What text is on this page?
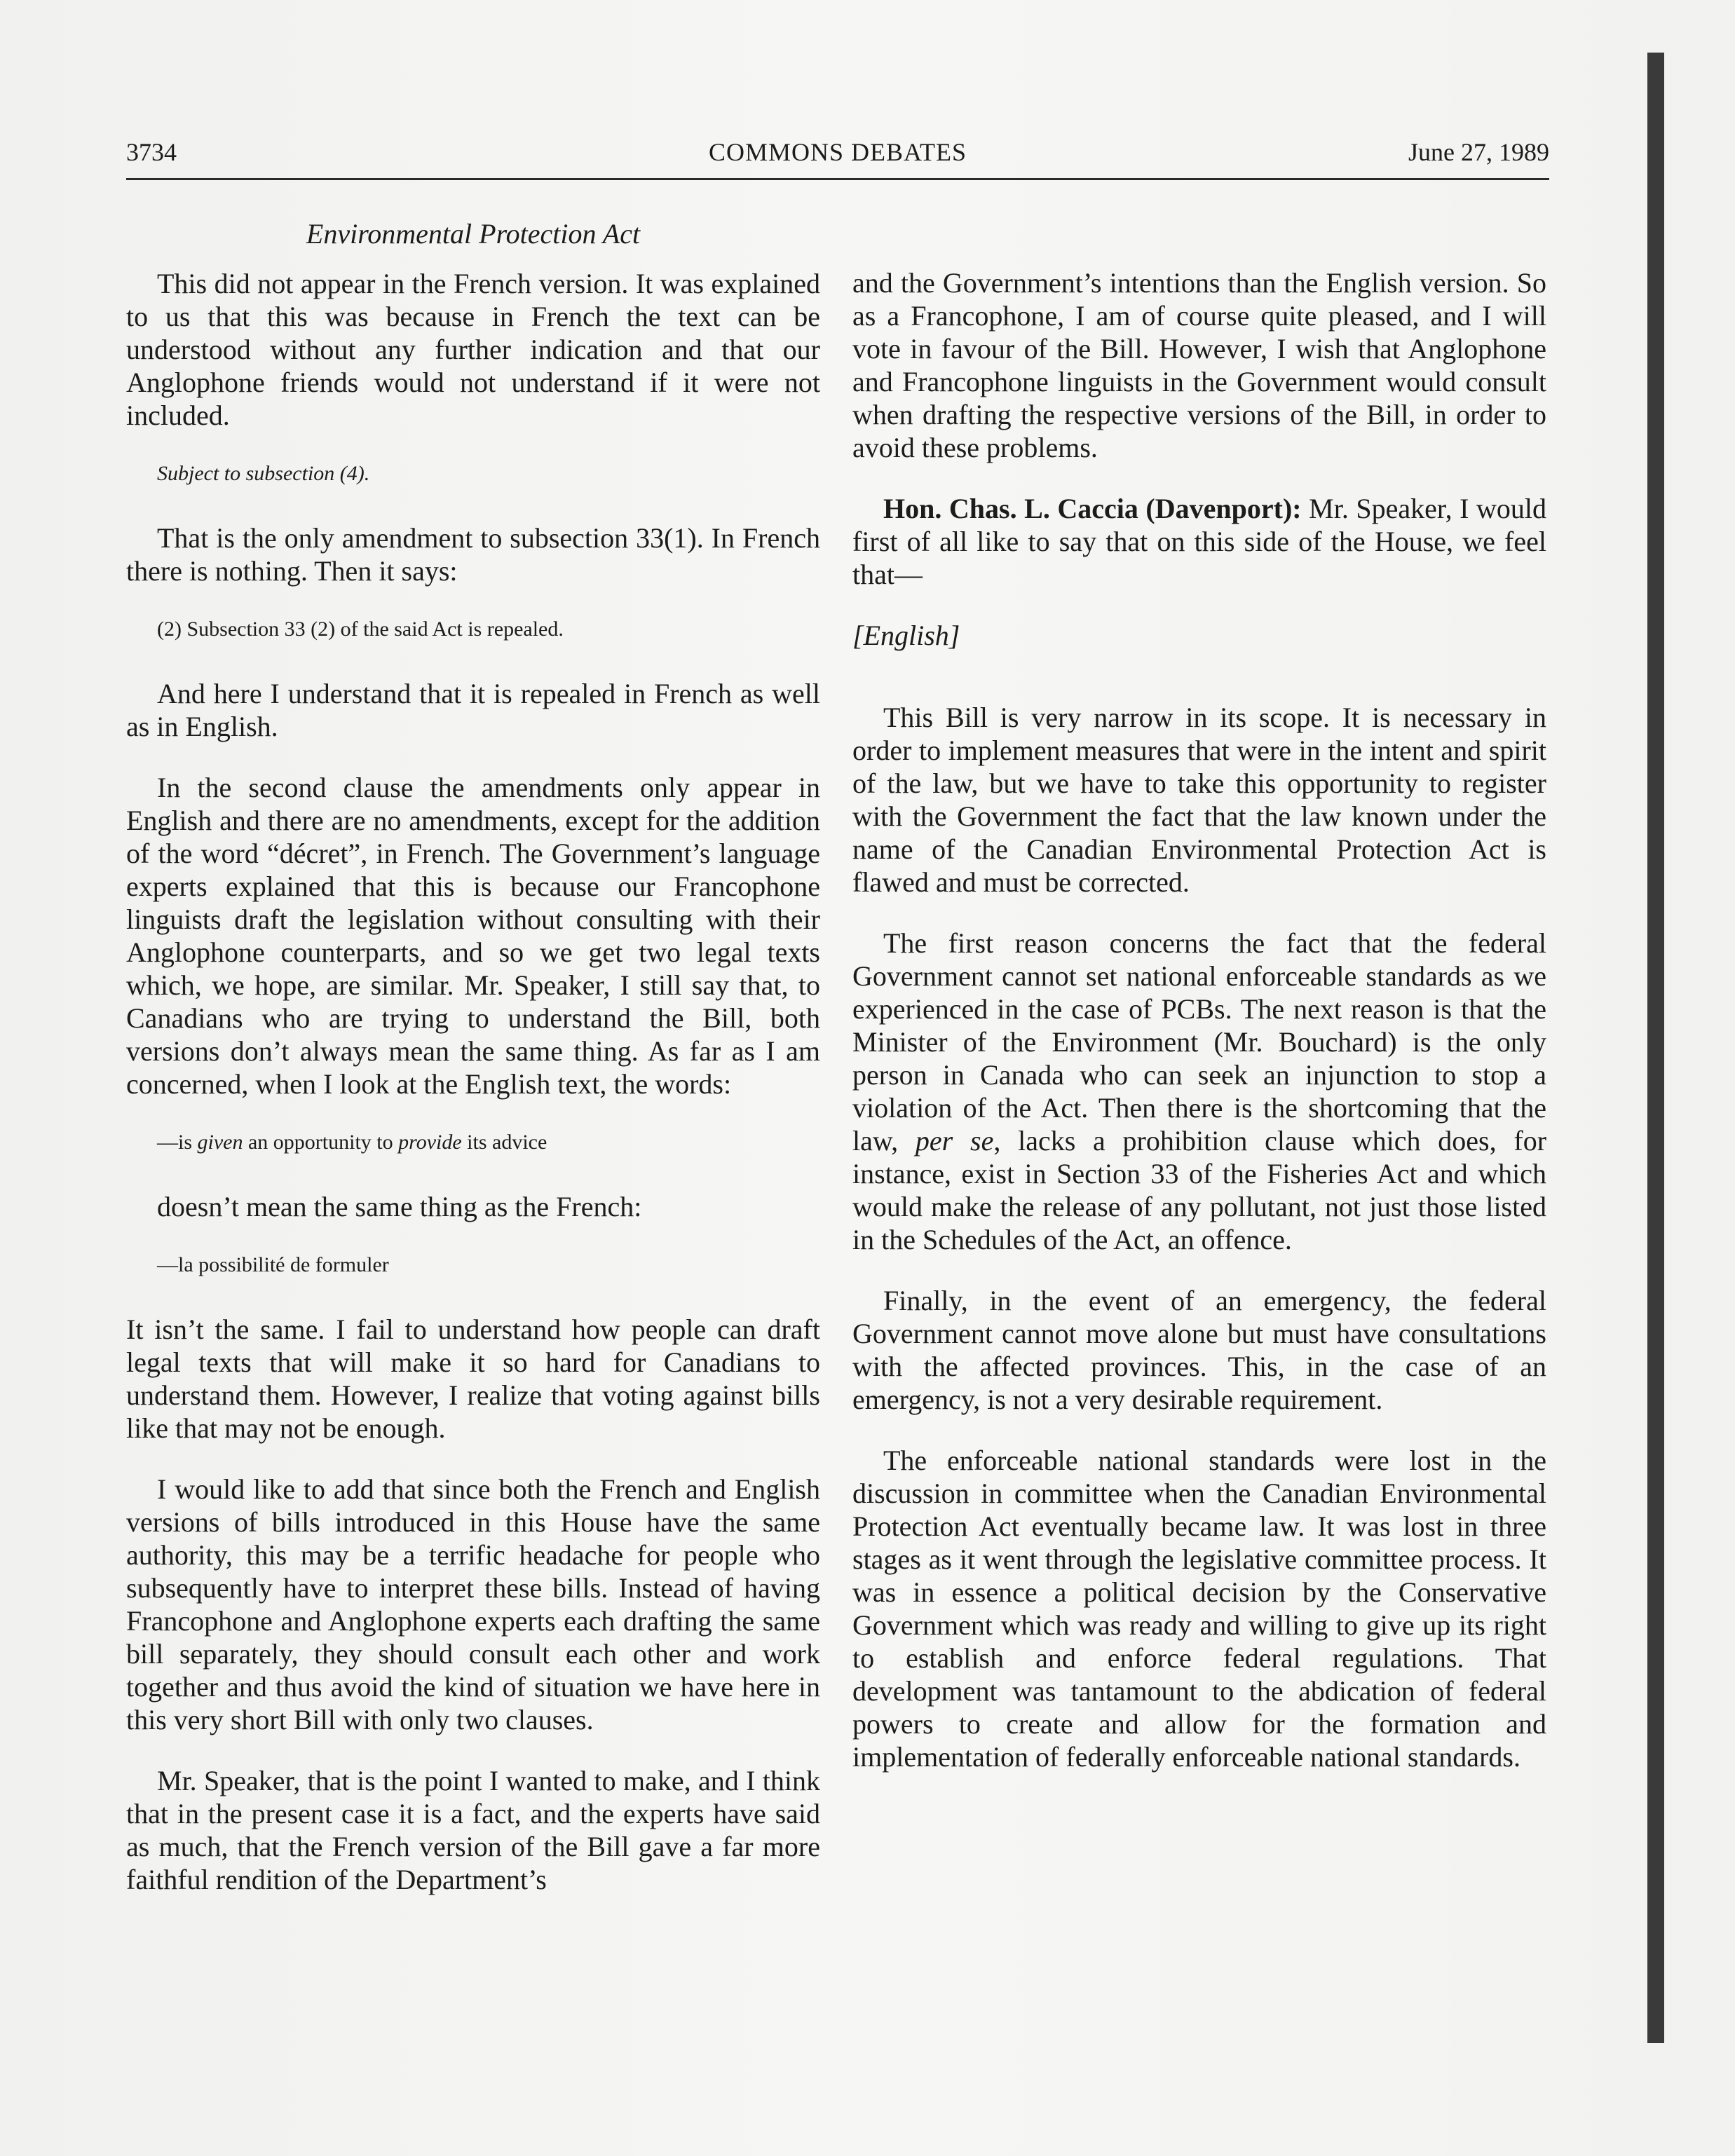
3734	COMMONS DEBATES	June 27, 1989
Environmental Protection Act

This did not appear in the French version. It was explained to us that this was because in French the text can be understood without any further indication and that our Anglophone friends would not understand if it were not included.

Subject to subsection (4).

That is the only amendment to subsection 33(1). In French there is nothing. Then it says:

(2) Subsection 33 (2) of the said Act is repealed.

And here I understand that it is repealed in French as well as in English.

In the second clause the amendments only appear in English and there are no amendments, except for the addition of the word “décret”, in French. The Government’s language experts explained that this is because our Francophone linguists draft the legislation without consulting with their Anglophone counterparts, and so we get two legal texts which, we hope, are similar. Mr. Speaker, I still say that, to Canadians who are trying to understand the Bill, both versions don’t always mean the same thing. As far as I am concerned, when I look at the English text, the words:

—is given an opportunity to provide its advice

doesn’t mean the same thing as the French:

—la possibilité de formuler

It isn’t the same. I fail to understand how people can draft legal texts that will make it so hard for Canadians to understand them. However, I realize that voting against bills like that may not be enough.

I would like to add that since both the French and English versions of bills introduced in this House have the same authority, this may be a terrific headache for people who subsequently have to interpret these bills. Instead of having Francophone and Anglophone experts each drafting the same bill separately, they should consult each other and work together and thus avoid the kind of situation we have here in this very short Bill with only two clauses.

Mr. Speaker, that is the point I wanted to make, and I think that in the present case it is a fact, and the experts have said as much, that the French version of the Bill gave a far more faithful rendition of the Department’s

and the Government’s intentions than the English version. So as a Francophone, I am of course quite pleased, and I will vote in favour of the Bill. However, I wish that Anglophone and Francophone linguists in the Government would consult when drafting the respective versions of the Bill, in order to avoid these problems.

Hon. Chas. L. Caccia (Davenport): Mr. Speaker, I would first of all like to say that on this side of the House, we feel that—

[English]

This Bill is very narrow in its scope. It is necessary in order to implement measures that were in the intent and spirit of the law, but we have to take this opportunity to register with the Government the fact that the law known under the name of the Canadian Environmental Protection Act is flawed and must be corrected.

The first reason concerns the fact that the federal Government cannot set national enforceable standards as we experienced in the case of PCBs. The next reason is that the Minister of the Environment (Mr. Bouchard) is the only person in Canada who can seek an injunction to stop a violation of the Act. Then there is the shortcoming that the law, per se, lacks a prohibition clause which does, for instance, exist in Section 33 of the Fisheries Act and which would make the release of any pollutant, not just those listed in the Schedules of the Act, an offence.

Finally, in the event of an emergency, the federal Government cannot move alone but must have consultations with the affected provinces. This, in the case of an emergency, is not a very desirable requirement.

The enforceable national standards were lost in the discussion in committee when the Canadian Environmental Protection Act eventually became law. It was lost in three stages as it went through the legislative committee process. It was in essence a political decision by the Conservative Government which was ready and willing to give up its right to establish and enforce federal regulations. That development was tantamount to the abdication of federal powers to create and allow for the formation and implementation of federally enforceable national standards.
